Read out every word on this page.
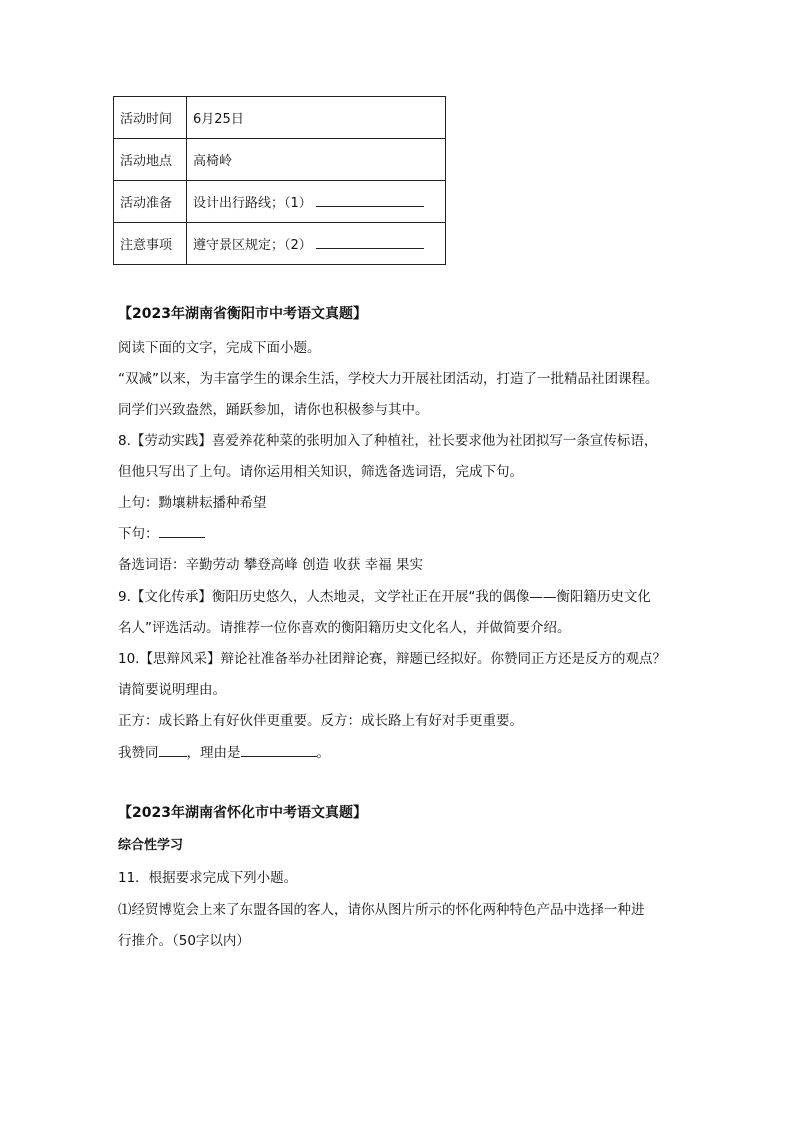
活动时间	6月25日
活动地点	高椅岭
活动准备	设计出行路线；（1）
注意事项	遵守景区规定；（2）
【2023年湖南省衡阳市中考语文真题】
阅读下面的文字，完成下面小题。
“双减”以来，为丰富学生的课余生活，学校大力开展社团活动，打造了一批精品社团课程。
同学们兴致盎然，踊跃参加，请你也积极参与其中。
8.【劳动实践】喜爱养花种菜的张明加入了种植社，社长要求他为社团拟写一条宣传标语，
但他只写出了上句。请你运用相关知识，筛选备选词语，完成下句。
上句：黝壤耕耘播种希望
下句：
备选词语：辛勤劳动 攀登高峰 创造 收获 幸福 果实
9.【文化传承】衡阳历史悠久，人杰地灵，文学社正在开展“我的偶像——衡阳籍历史文化
名人”评选活动。请推荐一位你喜欢的衡阳籍历史文化名人，并做简要介绍。
10.【思辩风采】辩论社准备举办社团辩论赛，辩题已经拟好。你赞同正方还是反方的观点？
请简要说明理由。
正方：成长路上有好伙伴更重要。反方：成长路上有好对手更重要。
我赞同 ，理由是	。
【2023年湖南省怀化市中考语文真题】
综合性学习
11．根据要求完成下列小题。
⑴经贸博览会上来了东盟各国的客人，请你从图片所示的怀化两种特色产品中选择一种进
行推介。（50字以内）
